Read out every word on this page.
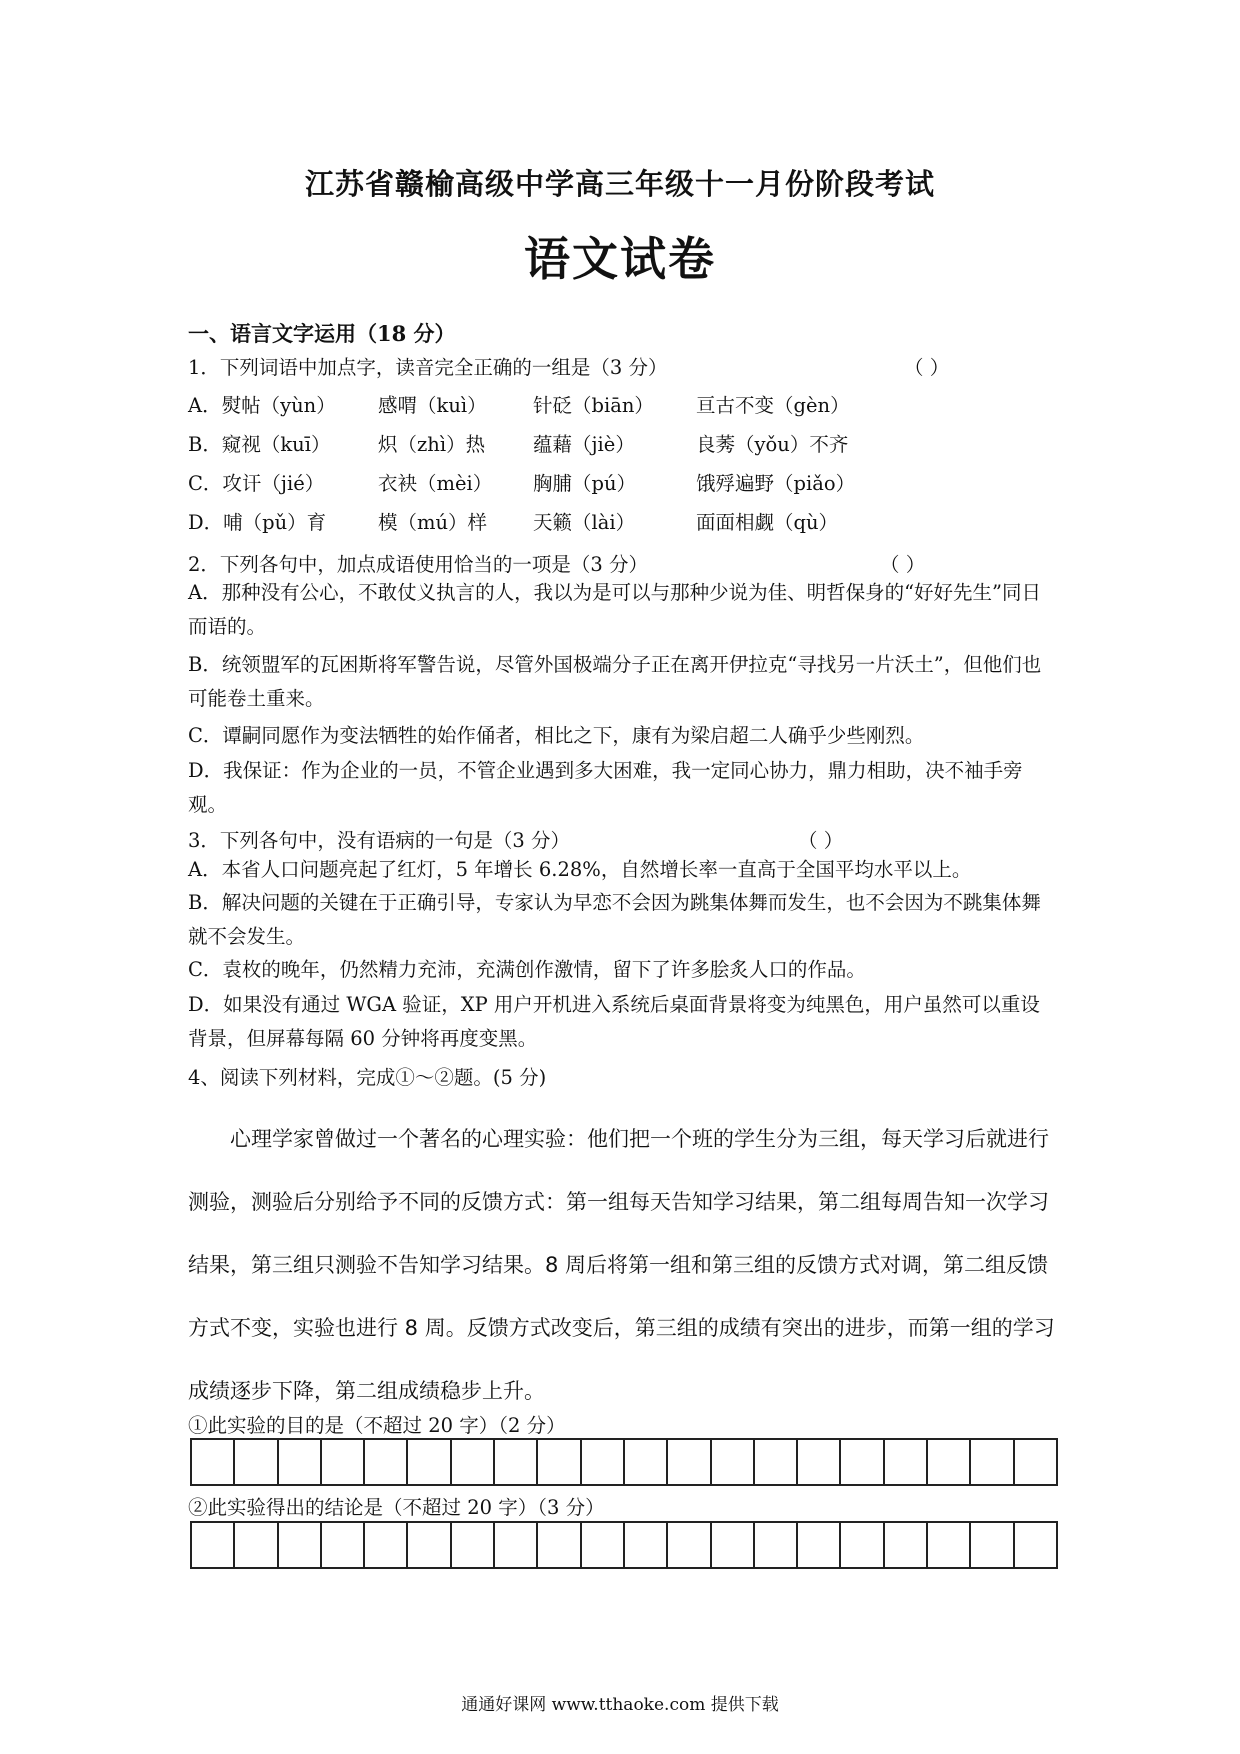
江苏省赣榆高级中学高三年级十一月份阶段考试
语文试卷
一、语言文字运用（18 分）
1．下列词语中加点字，读音完全正确的一组是（3 分）	（ ）
A．熨帖（yùn） 感喟（kuì） 针砭（biān） 亘古不变（gèn）
B．窥视（kuī） 炽（zhì）热 蕴藉（jiè）	良莠（yǒu）不齐
C．攻讦（jié）	衣袂（mèi） 胸脯（pú）	饿殍遍野（piǎo）
D．哺（pǔ）育	模（mú）样 天籁（lài）	面面相觑（qù）
2．下列各句中，加点成语使用恰当的一项是（3 分）	（ ）
A．那种没有公心，不敢仗义执言的人，我以为是可以与那种少说为佳、明哲保身的“好好先生”同日而语的。
B．统领盟军的瓦困斯将军警告说，尽管外国极端分子正在离开伊拉克“寻找另一片沃土”，但他们也可能卷土重来。
C．谭嗣同愿作为变法牺牲的始作俑者，相比之下，康有为梁启超二人确乎少些刚烈。
D．我保证：作为企业的一员，不管企业遇到多大困难，我一定同心协力，鼎力相助，决不袖手旁观。
3．下列各句中，没有语病的一句是（3 分）	（ ）
A．本省人口问题亮起了红灯，5 年增长 6.28%，自然增长率一直高于全国平均水平以上。
B．解决问题的关键在于正确引导，专家认为早恋不会因为跳集体舞而发生，也不会因为不跳集体舞就不会发生。
C．袁枚的晚年，仍然精力充沛，充满创作激情，留下了许多脍炙人口的作品。
D．如果没有通过 WGA 验证，XP 用户开机进入系统后桌面背景将变为纯黑色，用户虽然可以重设背景，但屏幕每隔 60 分钟将再度变黑。
4、阅读下列材料，完成①～②题。(5 分)
心理学家曾做过一个著名的心理实验：他们把一个班的学生分为三组，每天学习后就进行测验，测验后分别给予不同的反馈方式：第一组每天告知学习结果，第二组每周告知一次学习结果，第三组只测验不告知学习结果。8 周后将第一组和第三组的反馈方式对调，第二组反馈方式不变，实验也进行 8 周。反馈方式改变后，第三组的成绩有突出的进步，而第一组的学习成绩逐步下降，第二组成绩稳步上升。
①此实验的目的是（不超过 20 字）（2 分）
②此实验得出的结论是（不超过 20 字）（3 分）
通通好课网 www.tthaoke.com 提供下载
